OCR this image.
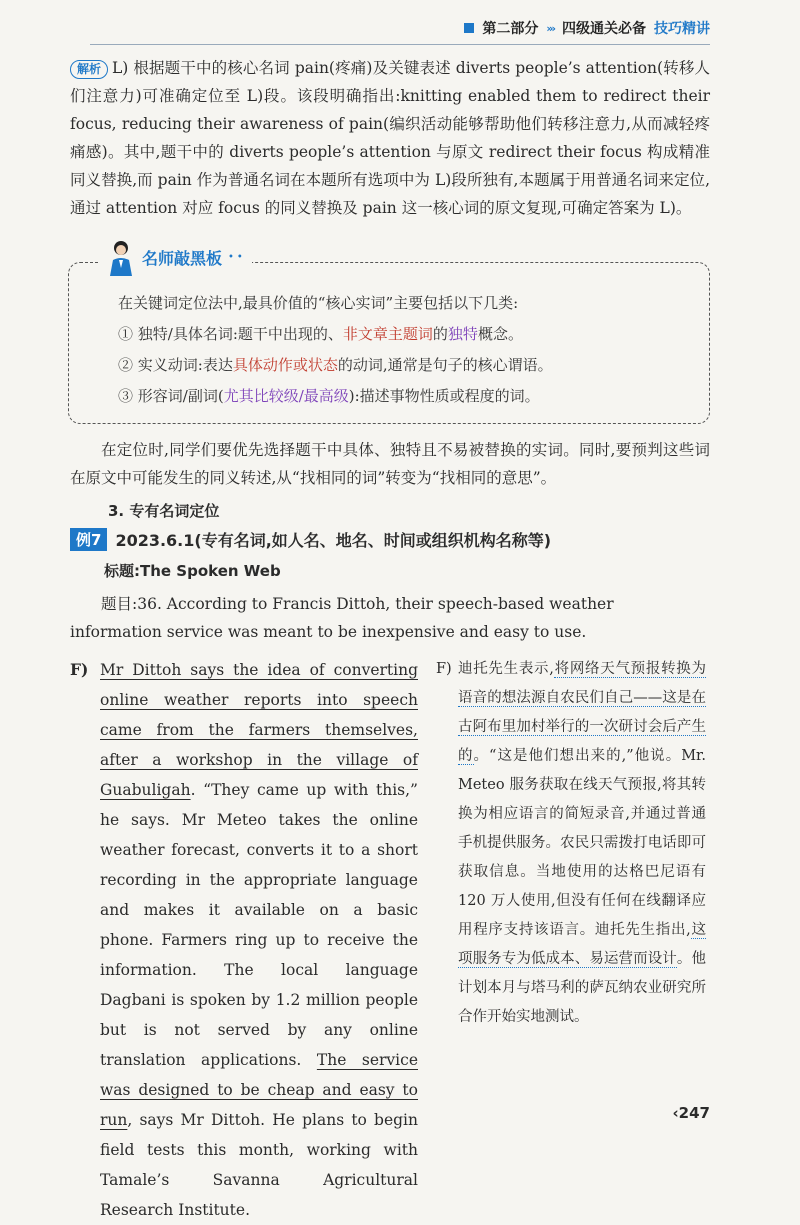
第二部分 ››› 四级通关必备 技巧精讲
解析 L) 根据题干中的核心名词 pain(疼痛)及关键表述 diverts people’s attention(转移人们注意力)可准确定位至 L)段。该段明确指出:knitting enabled them to redirect their focus, reducing their awareness of pain(编织活动能够帮助他们转移注意力,从而减轻疼痛感)。其中,题干中的 diverts people’s attention 与原文 redirect their focus 构成精准同义替换,而 pain 作为普通名词在本题所有选项中为 L)段所独有,本题属于用普通名词来定位,通过 attention 对应 focus 的同义替换及 pain 这一核心词的原文复现,可确定答案为 L)。
名师敲黑板 ••
在关键词定位法中,最具价值的“核心实词”主要包括以下几类:
① 独特/具体名词:题干中出现的、非文章主题词的独特概念。
② 实义动词:表达具体动作或状态的动词,通常是句子的核心谓语。
③ 形容词/副词(尤其比较级/最高级):描述事物性质或程度的词。
在定位时,同学们要优先选择题干中具体、独特且不易被替换的实词。同时,要预判这些词在原文中可能发生的同义转述,从“找相同的词”转变为“找相同的意思”。
3. 专有名词定位
例7 2023.6.1(专有名词,如人名、地名、时间或组织机构名称等)
标题:The Spoken Web
题目:36. According to Francis Dittoh, their speech-based weather information service was meant to be inexpensive and easy to use.
F) Mr Dittoh says the idea of converting online weather reports into speech came from the farmers themselves, after a workshop in the village of Guabuligah. “They came up with this,” he says. Mr Meteo takes the online weather forecast, converts it to a short recording in the appropriate language and makes it available on a basic phone. Farmers ring up to receive the information. The local language Dagbani is spoken by 1.2 million people but is not served by any online translation applications. The service was designed to be cheap and easy to run, says Mr Dittoh. He plans to begin field tests this month, working with Tamale’s Savanna Agricultural Research Institute.
F) 迪托先生表示,将网络天气预报转换为语音的想法源自农民们自己——这是在古阿布里加村举行的一次研讨会后产生的。“这是他们想出来的,”他说。Mr. Meteo 服务获取在线天气预报,将其转换为相应语言的简短录音,并通过普通手机提供服务。农民只需拨打电话即可获取信息。当地使用的达格巴尼语有 120 万人使用,但没有任何在线翻译应用程序支持该语言。迪托先生指出,这项服务专为低成本、易运营而设计。他计划本月与塔马利的萨瓦纳农业研究所合作开始实地测试。
‹247
